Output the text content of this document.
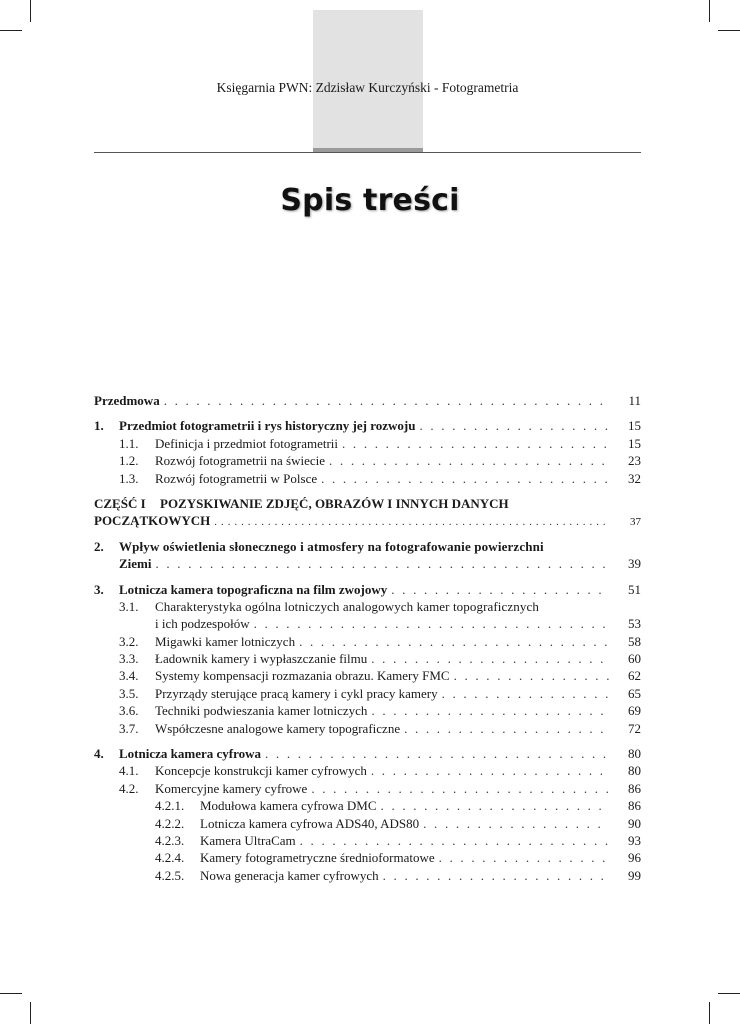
Księgarnia PWN: Zdzisław Kurczyński - Fotogrametria
Spis treści
Przedmowa . . .	11
1.	Przedmiot fotogrametrii i rys historyczny jej rozwoju . . .	15
1.1.	Definicja i przedmiot fotogrametrii . . .	15
1.2.	Rozwój fotogrametrii na świecie . . .	23
1.3.	Rozwój fotogrametrii w Polsce . . .	32
CZĘŚĆ I	POZYSKIWANIE ZDJĘĆ, OBRAZÓW I INNYCH DANYCH
POCZĄTKOWYCH . . .	37
2.	Wpływ oświetlenia słonecznego i atmosfery na fotografowanie powierzchni
Ziemi . . .	39
3.	Lotnicza kamera topograficzna na film zwojowy . . .	51
3.1.	Charakterystyka ogólna lotniczych analogowych kamer topograficznych
i ich podzespołów . . .	53
3.2.	Migawki kamer lotniczych . . .	58
3.3.	Ładownik kamery i wypłaszczanie filmu . . .	60
3.4.	Systemy kompensacji rozmazania obrazu. Kamery FMC . . .	62
3.5.	Przyrządy sterujące pracą kamery i cykl pracy kamery . . .	65
3.6.	Techniki podwieszania kamer lotniczych . . .	69
3.7.	Współczesne analogowe kamery topograficzne . . .	72
4.	Lotnicza kamera cyfrowa . . .	80
4.1.	Koncepcje konstrukcji kamer cyfrowych . . .	80
4.2.	Komercyjne kamery cyfrowe . . .	86
4.2.1.	Modułowa kamera cyfrowa DMC . . .	86
4.2.2.	Lotnicza kamera cyfrowa ADS40, ADS80 . . .	90
4.2.3.	Kamera UltraCam . . .	93
4.2.4.	Kamery fotogrametryczne średnioformatowe . . .	96
4.2.5.	Nowa generacja kamer cyfrowych . . .	99
